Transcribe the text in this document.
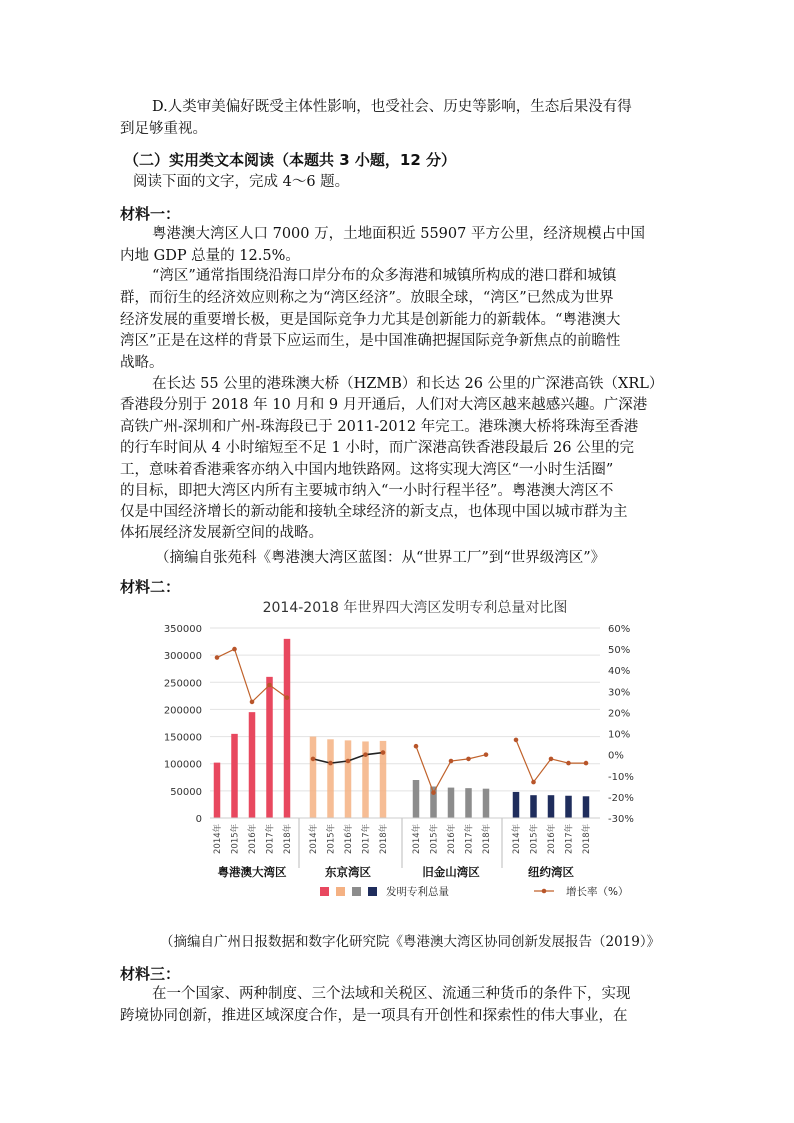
D.人类审美偏好既受主体性影响，也受社会、历史等影响，生态后果没有得
到足够重视。
（二）实用类文本阅读（本题共 3 小题，12 分）
阅读下面的文字，完成 4～6 题。
材料一：
粤港澳大湾区人口 7000 万，土地面积近 55907 平方公里，经济规模占中国
内地 GDP 总量的 12.5%。
“湾区”通常指围绕沿海口岸分布的众多海港和城镇所构成的港口群和城镇
群，而衍生的经济效应则称之为“湾区经济”。放眼全球，“湾区”已然成为世界
经济发展的重要增长极，更是国际竞争力尤其是创新能力的新载体。“粤港澳大
湾区”正是在这样的背景下应运而生，是中国准确把握国际竞争新焦点的前瞻性
战略。
在长达 55 公里的港珠澳大桥（HZMB）和长达 26 公里的广深港高铁（XRL）
香港段分别于 2018 年 10 月和 9 月开通后，人们对大湾区越来越感兴趣。广深港
高铁广州-深圳和广州-珠海段已于 2011-2012 年完工。港珠澳大桥将珠海至香港
的行车时间从 4 小时缩短至不足 1 小时，而广深港高铁香港段最后 26 公里的完
工，意味着香港乘客亦纳入中国内地铁路网。这将实现大湾区“一小时生活圈”
的目标，即把大湾区内所有主要城市纳入“一小时行程半径”。粤港澳大湾区不
仅是中国经济增长的新动能和接轨全球经济的新支点，也体现中国以城市群为主
体拓展经济发展新空间的战略。
（摘编自张苑科《粤港澳大湾区蓝图：从“世界工厂”到“世界级湾区”》
材料二：
2014-2018 年世界四大湾区发明专利总量对比图
350000
300000
250000
200000
150000
100000
50000
0
60%
50%
40%
30%
20%
10%
0%
-10%
-20%
-30%
2014年 2015年 2016年 2017年 2018年
粤港澳大湾区
2014年 2015年 2016年 2017年 2018年
东京湾区
2014年 2015年 2016年 2017年 2018年
旧金山湾区
2014年 2015年 2016年 2017年 2018年
纽约湾区
发明专利总量	增长率（%）
（摘编自广州日报数据和数字化研究院《粤港澳大湾区协同创新发展报告（2019）》
材料三：
在一个国家、两种制度、三个法域和关税区、流通三种货币的条件下，实现
跨境协同创新，推进区域深度合作，是一项具有开创性和探索性的伟大事业，在
